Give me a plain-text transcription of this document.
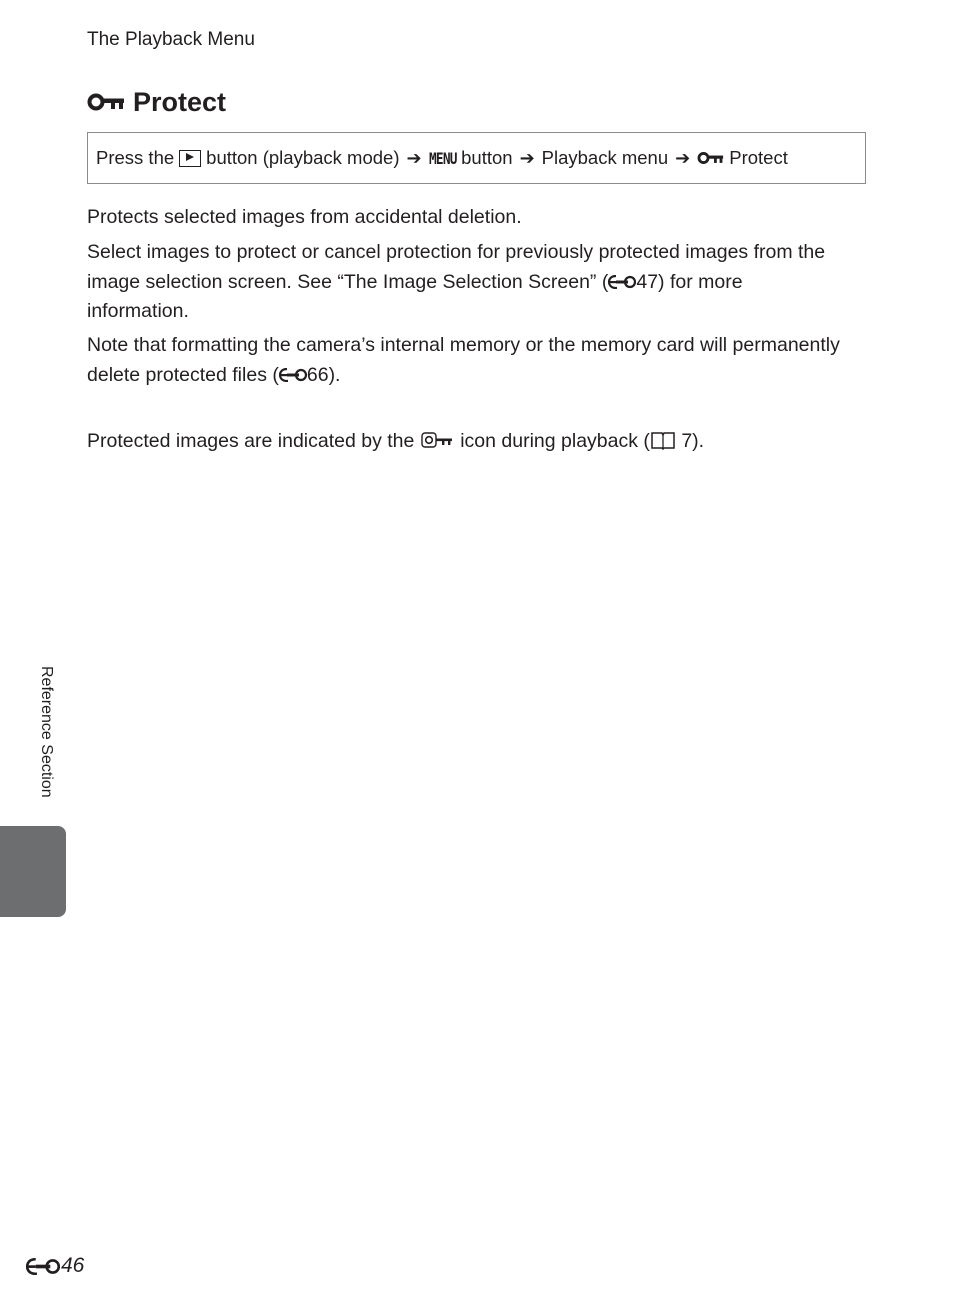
The Playback Menu
Protect
Press the button (playback mode) ➔ MENU button ➔ Playback menu ➔ Protect

Protects selected images from accidental deletion.

Select images to protect or cancel protection for previously protected images from the image selection screen. See “The Image Selection Screen” ( 47) for more information.

Note that formatting the camera’s internal memory or the memory card will permanently delete protected files ( 66).

Protected images are indicated by the icon during playback ( 7).

Reference Section
46
